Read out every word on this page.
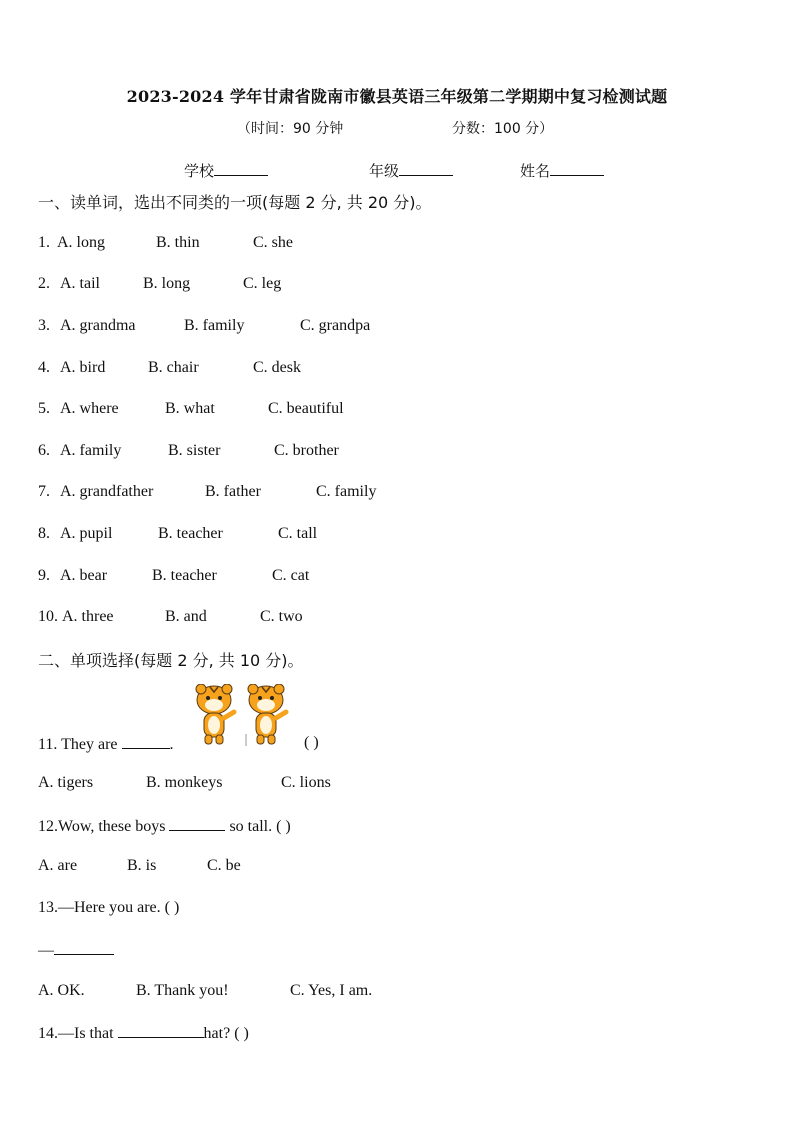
2023-2024 学年甘肃省陇南市徽县英语三年级第二学期期中复习检测试题
（时间：90 分钟	分数：100 分）
学校	年级	姓名
一、读单词，选出不同类的一项(每题 2 分, 共 20 分)。
1. A. long	B. thin	C. she
2. A. tail	B. long	C. leg
3. A. grandma	B. family	C. grandpa
4. A. bird	B. chair	C. desk
5. A. where	B. what	C. beautiful
6. A. family	B. sister	C. brother
7. A. grandfather	B. father	C. family
8. A. pupil	B. teacher	C. tall
9. A. bear	B. teacher	C. cat
10. A. three	B. and	C. two
二、单项选择(每题 2 分, 共 10 分)。
11. They are	.	( )
A. tigers	B. monkeys	C. lions
12.Wow, these boys	so tall. ( )
A. are	B. is	C. be
13.—Here you are. ( )
—
A. OK.	B. Thank you!	C. Yes, I am.
14.—Is that	hat? ( )
